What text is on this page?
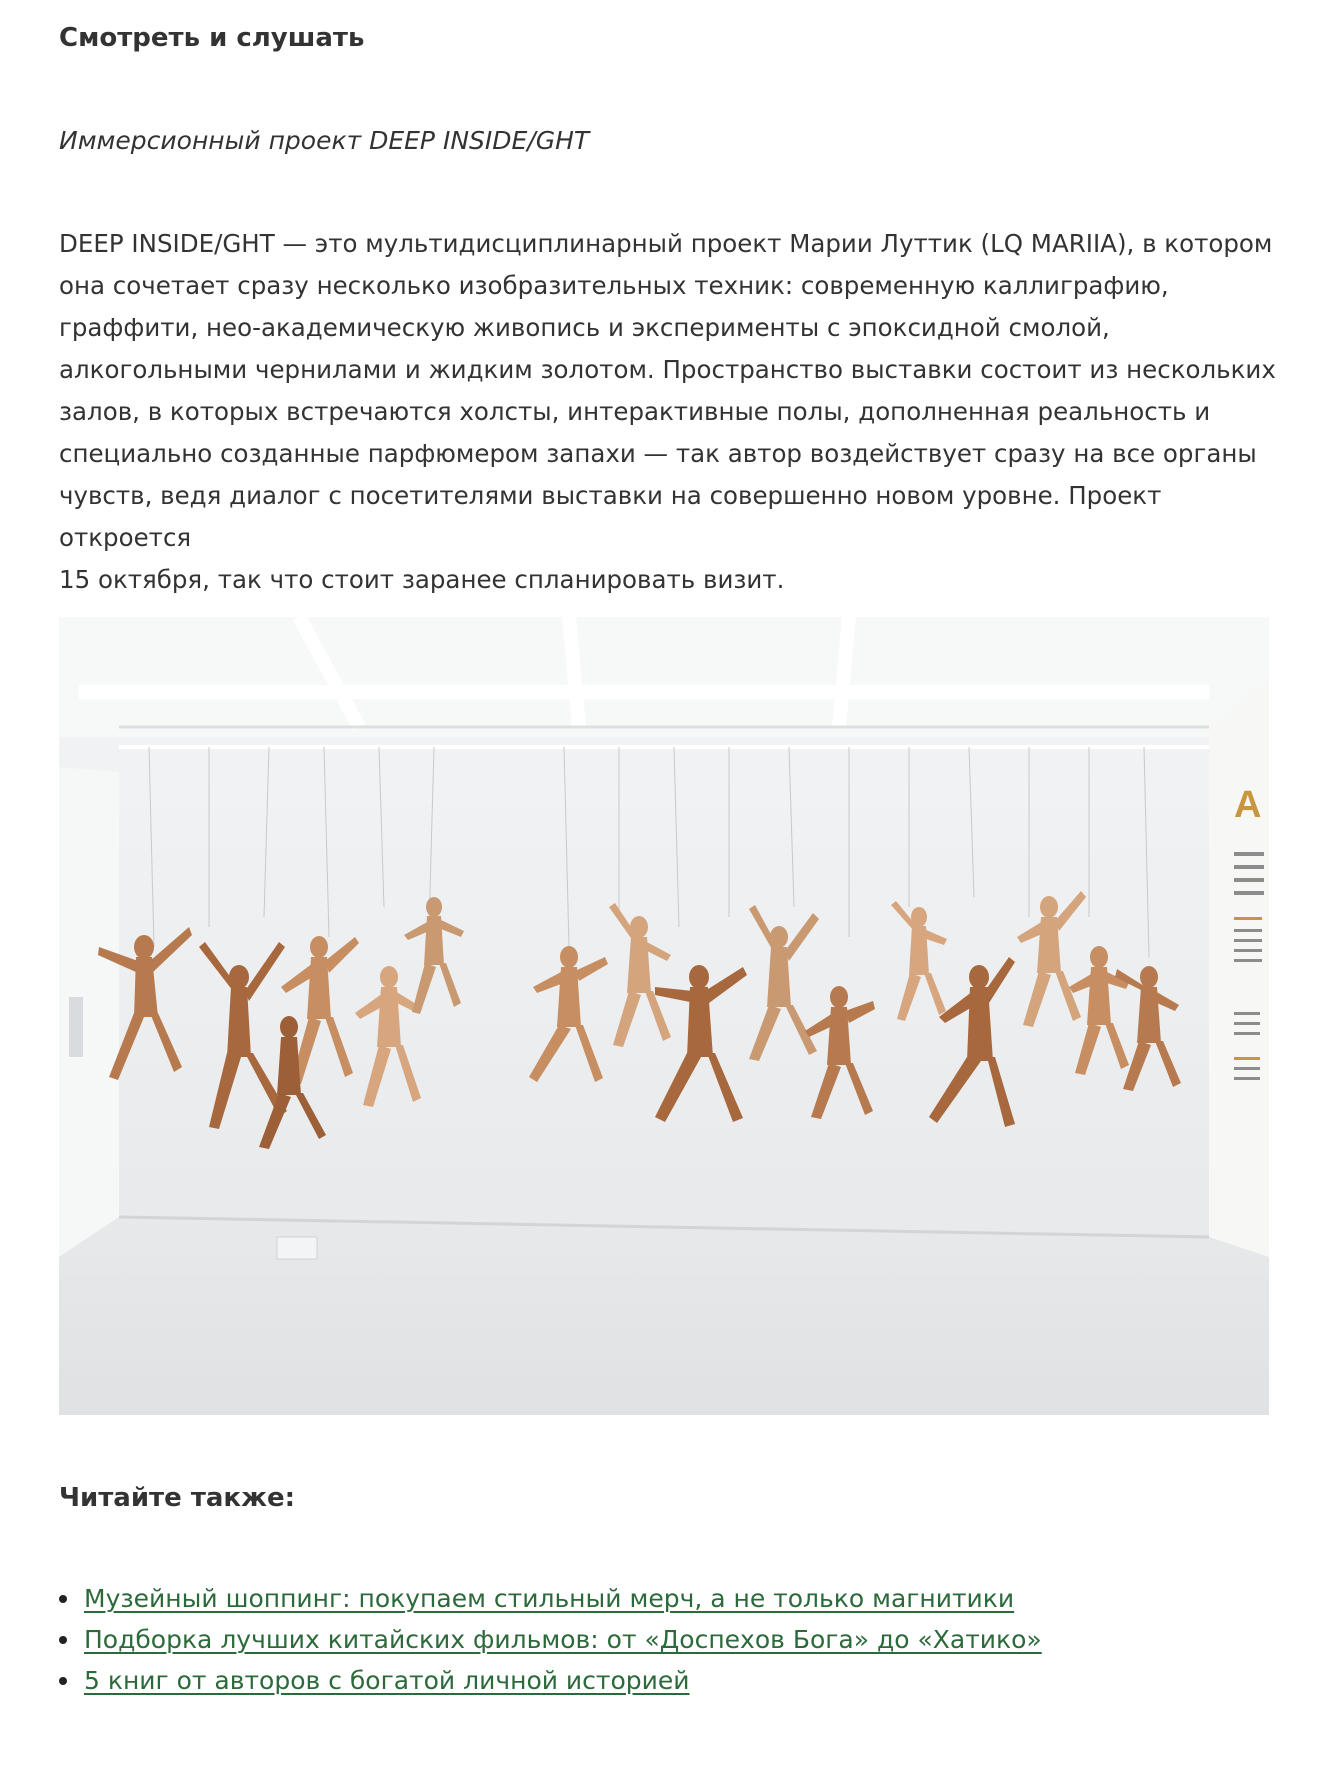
Смотреть и слушать

Иммерсионный проект DEEP INSIDE/GHT

DEEP INSIDE/GHT — это мультидисциплинарный проект Марии Луттик (LQ MARIIA), в котором
она сочетает сразу несколько изобразительных техник: современную каллиграфию,
граффити, нео-академическую живопись и эксперименты с эпоксидной смолой,
алкогольными чернилами и жидким золотом. Пространство выставки состоит из нескольких
залов, в которых встречаются холсты, интерактивные полы, дополненная реальность и
специально созданные парфюмером запахи — так автор воздействует сразу на все органы
чувств, ведя диалог с посетителями выставки на совершенно новом уровне. Проект откроется
15 октября, так что стоит заранее спланировать визит.

A
Читайте также:
Музейный шоппинг: покупаем стильный мерч, а не только магнитики
Подборка лучших китайских фильмов: от «Доспехов Бога» до «Хатико»
5 книг от авторов с богатой личной историей
